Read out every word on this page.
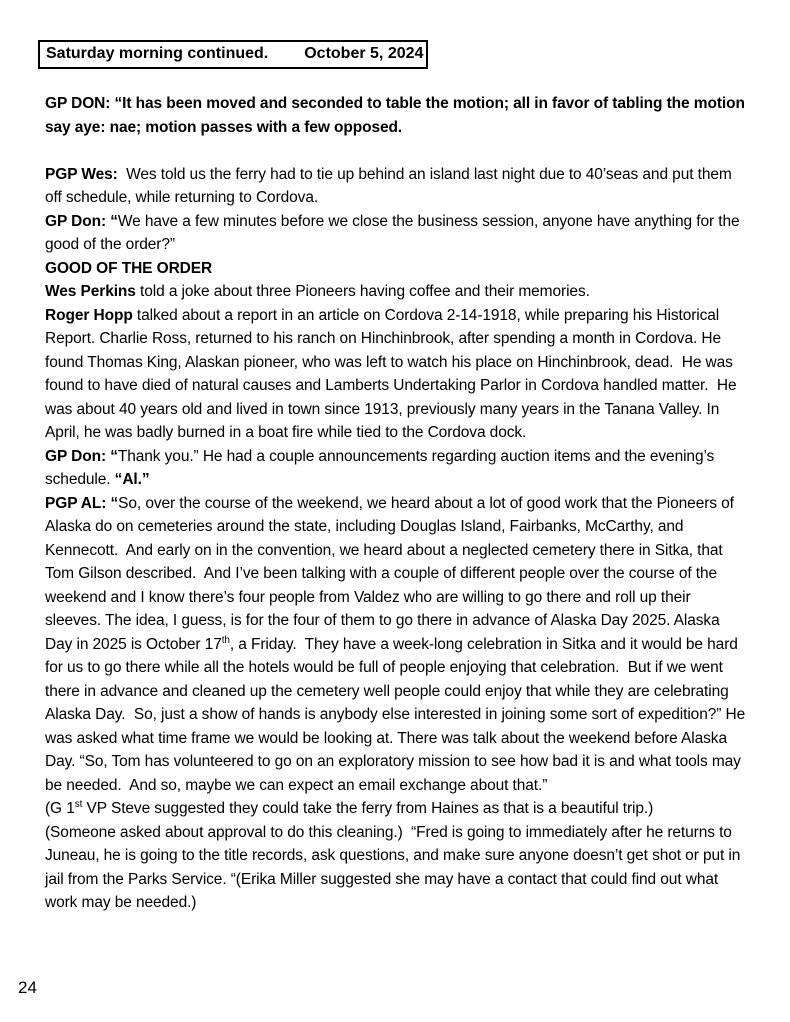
Saturday morning continued. October 5, 2024

GP DON: “It has been moved and seconded to table the motion; all in favor of tabling the motion say aye: nae; motion passes with a few opposed.

PGP Wes:  Wes told us the ferry had to tie up behind an island last night due to 40’seas and put them off schedule, while returning to Cordova.

GP Don: “We have a few minutes before we close the business session, anyone have anything for the good of the order?”

GOOD OF THE ORDER

Wes Perkins told a joke about three Pioneers having coffee and their memories.

Roger Hopp talked about a report in an article on Cordova 2-14-1918, while preparing his Historical Report. Charlie Ross, returned to his ranch on Hinchinbrook, after spending a month in Cordova. He found Thomas King, Alaskan pioneer, who was left to watch his place on Hinchinbrook, dead.  He was found to have died of natural causes and Lamberts Undertaking Parlor in Cordova handled matter.  He was about 40 years old and lived in town since 1913, previously many years in the Tanana Valley. In April, he was badly burned in a boat fire while tied to the Cordova dock.

GP Don: “Thank you.” He had a couple announcements regarding auction items and the evening’s schedule. “Al.”

PGP AL: “So, over the course of the weekend, we heard about a lot of good work that the Pioneers of Alaska do on cemeteries around the state, including Douglas Island, Fairbanks, McCarthy, and Kennecott.  And early on in the convention, we heard about a neglected cemetery there in Sitka, that Tom Gilson described.  And I’ve been talking with a couple of different people over the course of the weekend and I know there’s four people from Valdez who are willing to go there and roll up their sleeves. The idea, I guess, is for the four of them to go there in advance of Alaska Day 2025. Alaska Day in 2025 is October 17th, a Friday.  They have a week-long celebration in Sitka and it would be hard for us to go there while all the hotels would be full of people enjoying that celebration.  But if we went there in advance and cleaned up the cemetery well people could enjoy that while they are celebrating Alaska Day.  So, just a show of hands is anybody else interested in joining some sort of expedition?” He was asked what time frame we would be looking at. There was talk about the weekend before Alaska Day. “So, Tom has volunteered to go on an exploratory mission to see how bad it is and what tools may be needed.  And so, maybe we can expect an email exchange about that.”

(G 1st VP Steve suggested they could take the ferry from Haines as that is a beautiful trip.)

(Someone asked about approval to do this cleaning.)  “Fred is going to immediately after he returns to Juneau, he is going to the title records, ask questions, and make sure anyone doesn’t get shot or put in jail from the Parks Service. “(Erika Miller suggested she may have a contact that could find out what work may be needed.)

24
